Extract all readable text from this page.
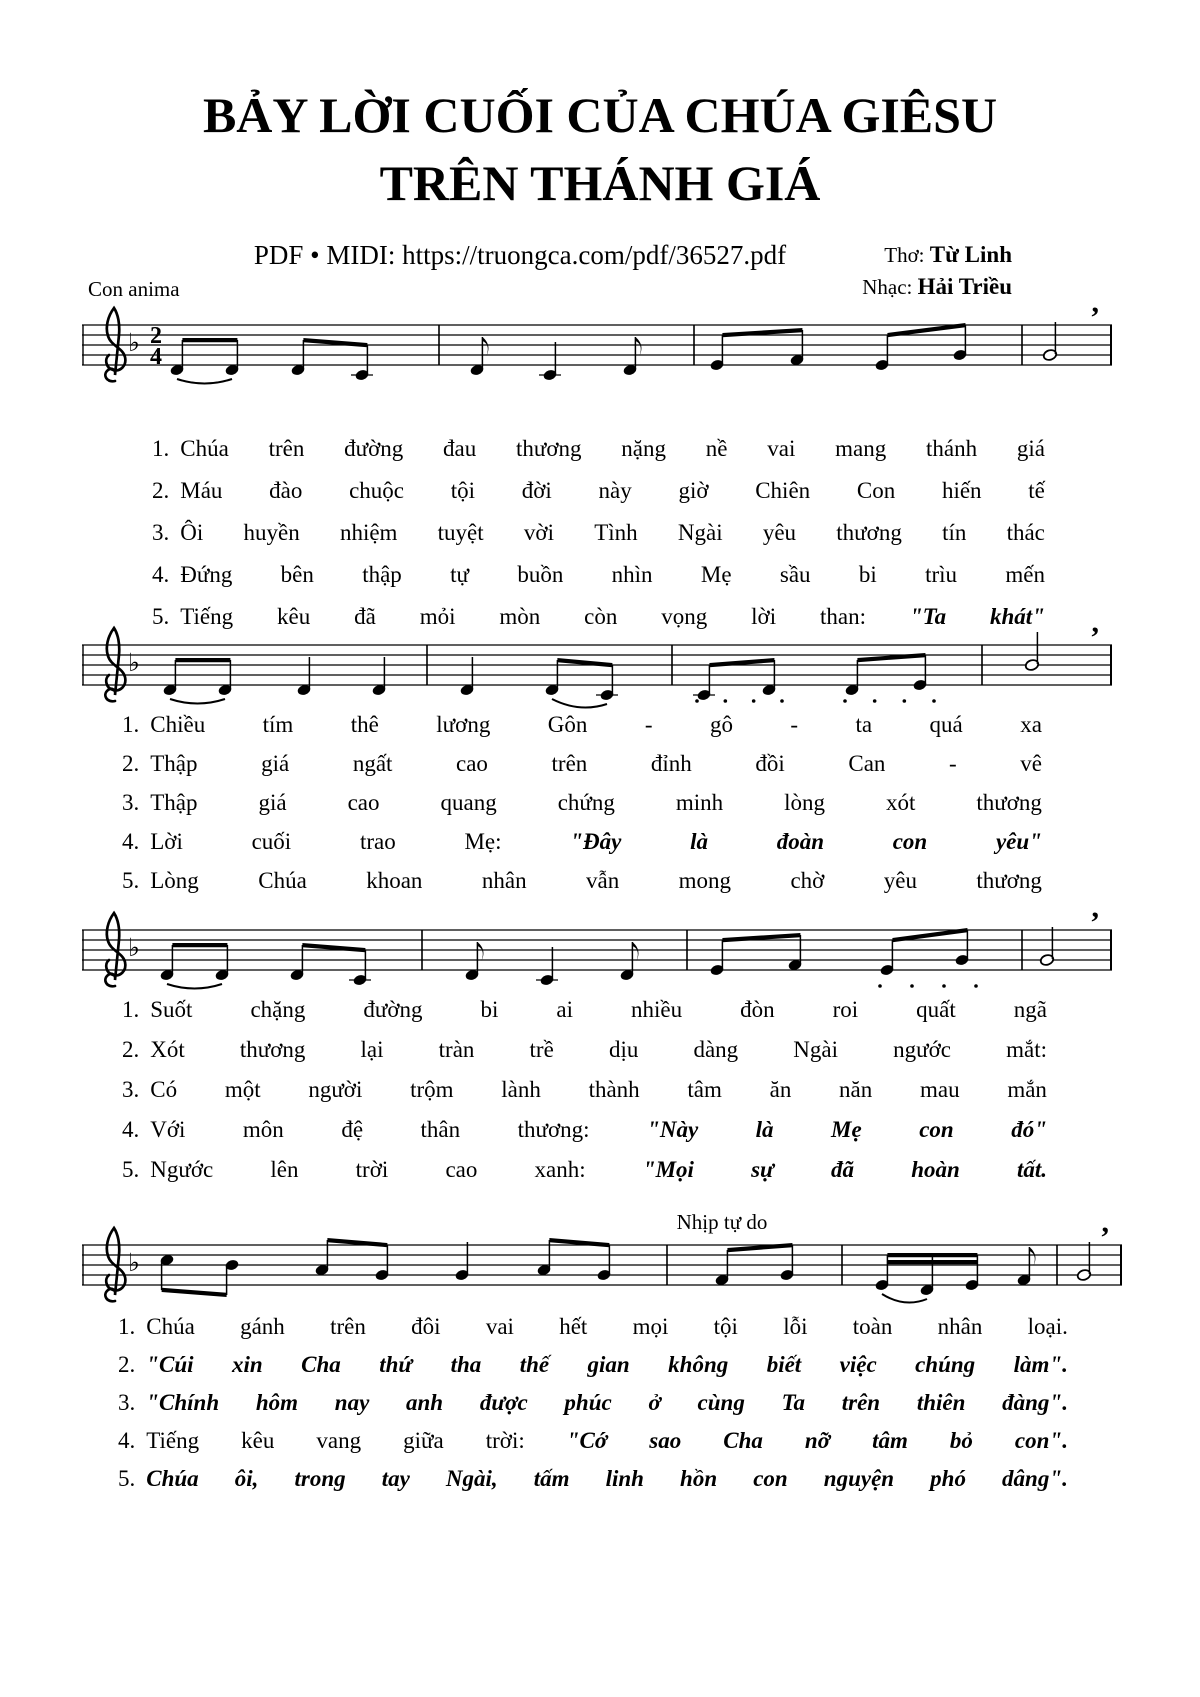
BẢY LỜI CUỐI CỦA CHÚA GIÊSU
TRÊN THÁNH GIÁ
PDF • MIDI: https://truongca.com/pdf/36527.pdf	Thơ: Từ Linh
Nhạc: Hải Triều
Con anima
♭ 2
4
’
1. Chúa trên đường đau thương nặng nề vai mang thánh giá
2. Máu đào chuộc tội đời này giờ Chiên Con hiến tế
3. Ôi huyền nhiệm tuyệt vời Tình Ngài yêu thương tín thác
4. Đứng bên thập tự buồn nhìn Mẹ sầu bi trìu mến
5. Tiếng kêu đã mỏi mòn còn vọng lời than: "Ta khát"
♭
’
1. Chiều tím thê lương Gôn - gô - ta quá xa
2. Thập	giá	ngất	cao	trên	đỉnh	đồi	Can	-	vê
3. Thập	giá	cao	quang	chứng	minh	lòng	xót	thương
4. Lời	cuối	trao	Mẹ:	"Đây	là	đoàn	con	yêu"
5. Lòng	Chúa	khoan	nhân	vẫn	mong	chờ	yêu	thương
♭
’
1. Suốt	chặng	đường	bi	ai	nhiều	đòn	roi	quất	ngã
2. Xót thương lại tràn trề dịu dàng Ngài ngước mắt:
3. Có một người trộm lành thành tâm ăn năn mau mắn
4. Với	môn	đệ	thân	thương:	"Này	là	Mẹ	con	đó"
5. Ngước lên trời cao xanh: "Mọi sự đã hoàn tất.
♭
Nhịp tự do	’
1. Chúa gánh trên đôi vai hết mọi tội lỗi toàn nhân loại.
2. "Cúi xin Cha thứ tha thế gian không biết việc chúng làm".
3. "Chính hôm nay anh được phúc ở cùng Ta trên thiên đàng".
4. Tiếng kêu vang giữa trời: "Cớ sao Cha nỡ tâm bỏ con".
5. Chúa ôi, trong tay Ngài, tấm linh hồn con nguyện phó dâng".
